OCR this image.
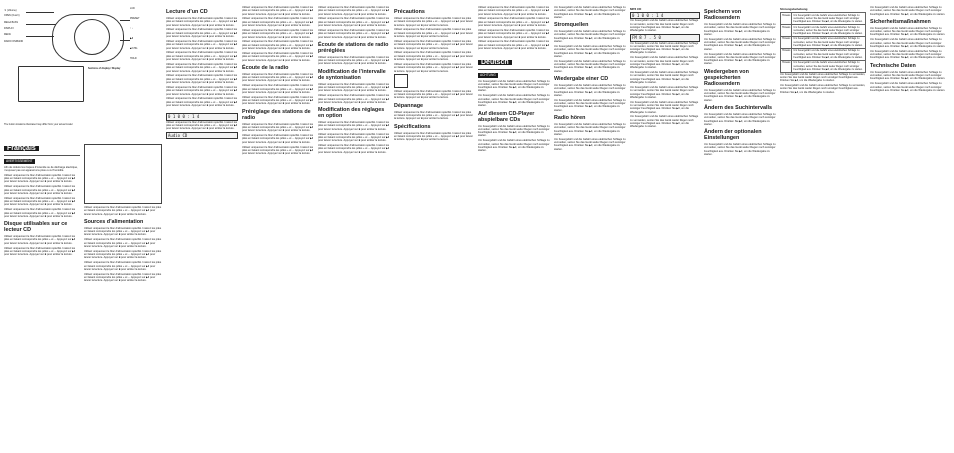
▼ (Volume)
OPEN (Ouvrir)
MEGA BASS
DISPLAY
MENU
RADIO ON/BAND
LCD
PRESET
↑ ↓
▶Ⅱ
■/CHG
HOLD
Sections of display / Display
The button locations illustrated may differ from your actual model
Français
AVERTISSEMENT

Afin de réduire les risques d’incendie ou de décharge électrique, n’exposez pas cet appareil à la pluie ou à l’humidité.

Utilisez uniquement le bloc d’alimentation spécifié. Insérez les piles en faisant correspondre les pôles + et −. Appuyez sur ▶Ⅱ pour lancer la lecture. Appuyez sur ■ pour arrêter la lecture.

Utilisez uniquement le bloc d’alimentation spécifié. Insérez les piles en faisant correspondre les pôles + et −. Appuyez sur ▶Ⅱ pour lancer la lecture. Appuyez sur ■ pour arrêter la lecture.

Utilisez uniquement le bloc d’alimentation spécifié. Insérez les piles en faisant correspondre les pôles + et −. Appuyez sur ▶Ⅱ pour lancer la lecture. Appuyez sur ■ pour arrêter la lecture.

Utilisez uniquement le bloc d’alimentation spécifié. Insérez les piles en faisant correspondre les pôles + et −. Appuyez sur ▶Ⅱ pour lancer la lecture. Appuyez sur ■ pour arrêter la lecture.

Disque utilisables sur ce lecteur CD

Utilisez uniquement le bloc d’alimentation spécifié. Insérez les piles en faisant correspondre les pôles + et −. Appuyez sur ▶Ⅱ pour lancer la lecture. Appuyez sur ■ pour arrêter la lecture.

Utilisez uniquement le bloc d’alimentation spécifié. Insérez les piles en faisant correspondre les pôles + et −. Appuyez sur ▶Ⅱ pour lancer la lecture. Appuyez sur ■ pour arrêter la lecture.

Utilisez uniquement le bloc d’alimentation spécifié. Insérez les piles en faisant correspondre les pôles + et −. Appuyez sur ▶Ⅱ pour lancer la lecture. Appuyez sur ■ pour arrêter la lecture.

Sources d’alimentation

Utilisez uniquement le bloc d’alimentation spécifié. Insérez les piles en faisant correspondre les pôles + et −. Appuyez sur ▶Ⅱ pour lancer la lecture. Appuyez sur ■ pour arrêter la lecture.

Utilisez uniquement le bloc d’alimentation spécifié. Insérez les piles en faisant correspondre les pôles + et −. Appuyez sur ▶Ⅱ pour lancer la lecture. Appuyez sur ■ pour arrêter la lecture.

Utilisez uniquement le bloc d’alimentation spécifié. Insérez les piles en faisant correspondre les pôles + et −. Appuyez sur ▶Ⅱ pour lancer la lecture. Appuyez sur ■ pour arrêter la lecture.

Utilisez uniquement le bloc d’alimentation spécifié. Insérez les piles en faisant correspondre les pôles + et −. Appuyez sur ▶Ⅱ pour lancer la lecture. Appuyez sur ■ pour arrêter la lecture.

Utilisez uniquement le bloc d’alimentation spécifié. Insérez les piles en faisant correspondre les pôles + et −. Appuyez sur ▶Ⅱ pour lancer la lecture. Appuyez sur ■ pour arrêter la lecture.

Lecture d’un CD

Utilisez uniquement le bloc d’alimentation spécifié. Insérez les piles en faisant correspondre les pôles + et −. Appuyez sur ▶Ⅱ pour lancer la lecture. Appuyez sur ■ pour arrêter la lecture.

Utilisez uniquement le bloc d’alimentation spécifié. Insérez les piles en faisant correspondre les pôles + et −. Appuyez sur ▶Ⅱ pour lancer la lecture. Appuyez sur ■ pour arrêter la lecture.

Utilisez uniquement le bloc d’alimentation spécifié. Insérez les piles en faisant correspondre les pôles + et −. Appuyez sur ▶Ⅱ pour lancer la lecture. Appuyez sur ■ pour arrêter la lecture.

Utilisez uniquement le bloc d’alimentation spécifié. Insérez les piles en faisant correspondre les pôles + et −. Appuyez sur ▶Ⅱ pour lancer la lecture. Appuyez sur ■ pour arrêter la lecture.

Utilisez uniquement le bloc d’alimentation spécifié. Insérez les piles en faisant correspondre les pôles + et −. Appuyez sur ▶Ⅱ pour lancer la lecture. Appuyez sur ■ pour arrêter la lecture.

Utilisez uniquement le bloc d’alimentation spécifié. Insérez les piles en faisant correspondre les pôles + et −. Appuyez sur ▶Ⅱ pour lancer la lecture. Appuyez sur ■ pour arrêter la lecture.

Utilisez uniquement le bloc d’alimentation spécifié. Insérez les piles en faisant correspondre les pôles + et −. Appuyez sur ▶Ⅱ pour lancer la lecture. Appuyez sur ■ pour arrêter la lecture.

Utilisez uniquement le bloc d’alimentation spécifié. Insérez les piles en faisant correspondre les pôles + et −. Appuyez sur ▶Ⅱ pour lancer la lecture. Appuyez sur ■ pour arrêter la lecture.

0 1 0 0 : 1 4

Utilisez uniquement le bloc d’alimentation spécifié. Insérez les piles en faisant correspondre les pôles + et −. Appuyez sur ▶Ⅱ pour lancer la lecture. Appuyez sur ■ pour arrêter la lecture.

Audio CD

Utilisez uniquement le bloc d’alimentation spécifié. Insérez les piles en faisant correspondre les pôles + et −. Appuyez sur ▶Ⅱ pour lancer la lecture. Appuyez sur ■ pour arrêter la lecture.

Utilisez uniquement le bloc d’alimentation spécifié. Insérez les piles en faisant correspondre les pôles + et −. Appuyez sur ▶Ⅱ pour lancer la lecture. Appuyez sur ■ pour arrêter la lecture.

Utilisez uniquement le bloc d’alimentation spécifié. Insérez les piles en faisant correspondre les pôles + et −. Appuyez sur ▶Ⅱ pour lancer la lecture. Appuyez sur ■ pour arrêter la lecture.

Utilisez uniquement le bloc d’alimentation spécifié. Insérez les piles en faisant correspondre les pôles + et −. Appuyez sur ▶Ⅱ pour lancer la lecture. Appuyez sur ■ pour arrêter la lecture.

Utilisez uniquement le bloc d’alimentation spécifié. Insérez les piles en faisant correspondre les pôles + et −. Appuyez sur ▶Ⅱ pour lancer la lecture. Appuyez sur ■ pour arrêter la lecture.

Écoute de la radio

Utilisez uniquement le bloc d’alimentation spécifié. Insérez les piles en faisant correspondre les pôles + et −. Appuyez sur ▶Ⅱ pour lancer la lecture. Appuyez sur ■ pour arrêter la lecture.

Utilisez uniquement le bloc d’alimentation spécifié. Insérez les piles en faisant correspondre les pôles + et −. Appuyez sur ▶Ⅱ pour lancer la lecture. Appuyez sur ■ pour arrêter la lecture.

Utilisez uniquement le bloc d’alimentation spécifié. Insérez les piles en faisant correspondre les pôles + et −. Appuyez sur ▶Ⅱ pour lancer la lecture. Appuyez sur ■ pour arrêter la lecture.

Préréglage des stations de radio

Utilisez uniquement le bloc d’alimentation spécifié. Insérez les piles en faisant correspondre les pôles + et −. Appuyez sur ▶Ⅱ pour lancer la lecture. Appuyez sur ■ pour arrêter la lecture.

Utilisez uniquement le bloc d’alimentation spécifié. Insérez les piles en faisant correspondre les pôles + et −. Appuyez sur ▶Ⅱ pour lancer la lecture. Appuyez sur ■ pour arrêter la lecture.

Utilisez uniquement le bloc d’alimentation spécifié. Insérez les piles en faisant correspondre les pôles + et −. Appuyez sur ▶Ⅱ pour lancer la lecture. Appuyez sur ■ pour arrêter la lecture.

Utilisez uniquement le bloc d’alimentation spécifié. Insérez les piles en faisant correspondre les pôles + et −. Appuyez sur ▶Ⅱ pour lancer la lecture. Appuyez sur ■ pour arrêter la lecture.

Utilisez uniquement le bloc d’alimentation spécifié. Insérez les piles en faisant correspondre les pôles + et −. Appuyez sur ▶Ⅱ pour lancer la lecture. Appuyez sur ■ pour arrêter la lecture.

Utilisez uniquement le bloc d’alimentation spécifié. Insérez les piles en faisant correspondre les pôles + et −. Appuyez sur ▶Ⅱ pour lancer la lecture. Appuyez sur ■ pour arrêter la lecture.

Écoute de stations de radio préréglées

Utilisez uniquement le bloc d’alimentation spécifié. Insérez les piles en faisant correspondre les pôles + et −. Appuyez sur ▶Ⅱ pour lancer la lecture. Appuyez sur ■ pour arrêter la lecture.

Modification de l’intervalle de syntonisation

Utilisez uniquement le bloc d’alimentation spécifié. Insérez les piles en faisant correspondre les pôles + et −. Appuyez sur ▶Ⅱ pour lancer la lecture. Appuyez sur ■ pour arrêter la lecture.

Utilisez uniquement le bloc d’alimentation spécifié. Insérez les piles en faisant correspondre les pôles + et −. Appuyez sur ▶Ⅱ pour lancer la lecture. Appuyez sur ■ pour arrêter la lecture.

Modification des réglages en option

Utilisez uniquement le bloc d’alimentation spécifié. Insérez les piles en faisant correspondre les pôles + et −. Appuyez sur ▶Ⅱ pour lancer la lecture. Appuyez sur ■ pour arrêter la lecture.

Utilisez uniquement le bloc d’alimentation spécifié. Insérez les piles en faisant correspondre les pôles + et −. Appuyez sur ▶Ⅱ pour lancer la lecture. Appuyez sur ■ pour arrêter la lecture.

Utilisez uniquement le bloc d’alimentation spécifié. Insérez les piles en faisant correspondre les pôles + et −. Appuyez sur ▶Ⅱ pour lancer la lecture. Appuyez sur ■ pour arrêter la lecture.

Précautions

Utilisez uniquement le bloc d’alimentation spécifié. Insérez les piles en faisant correspondre les pôles + et −. Appuyez sur ▶Ⅱ pour lancer la lecture. Appuyez sur ■ pour arrêter la lecture.

Utilisez uniquement le bloc d’alimentation spécifié. Insérez les piles en faisant correspondre les pôles + et −. Appuyez sur ▶Ⅱ pour lancer la lecture. Appuyez sur ■ pour arrêter la lecture.

Utilisez uniquement le bloc d’alimentation spécifié. Insérez les piles en faisant correspondre les pôles + et −. Appuyez sur ▶Ⅱ pour lancer la lecture. Appuyez sur ■ pour arrêter la lecture.

Utilisez uniquement le bloc d’alimentation spécifié. Insérez les piles en faisant correspondre les pôles + et −. Appuyez sur ▶Ⅱ pour lancer la lecture. Appuyez sur ■ pour arrêter la lecture.

Utilisez uniquement le bloc d’alimentation spécifié. Insérez les piles en faisant correspondre les pôles + et −. Appuyez sur ▶Ⅱ pour lancer la lecture. Appuyez sur ■ pour arrêter la lecture.

Utilisez uniquement le bloc d’alimentation spécifié. Insérez les piles en faisant correspondre les pôles + et −. Appuyez sur ▶Ⅱ pour lancer la lecture. Appuyez sur ■ pour arrêter la lecture.

Dépannage

Utilisez uniquement le bloc d’alimentation spécifié. Insérez les piles en faisant correspondre les pôles + et −. Appuyez sur ▶Ⅱ pour lancer la lecture. Appuyez sur ■ pour arrêter la lecture.

Spécifications

Utilisez uniquement le bloc d’alimentation spécifié. Insérez les piles en faisant correspondre les pôles + et −. Appuyez sur ▶Ⅱ pour lancer la lecture. Appuyez sur ■ pour arrêter la lecture.

Utilisez uniquement le bloc d’alimentation spécifié. Insérez les piles en faisant correspondre les pôles + et −. Appuyez sur ▶Ⅱ pour lancer la lecture. Appuyez sur ■ pour arrêter la lecture.

Utilisez uniquement le bloc d’alimentation spécifié. Insérez les piles en faisant correspondre les pôles + et −. Appuyez sur ▶Ⅱ pour lancer la lecture. Appuyez sur ■ pour arrêter la lecture.

Utilisez uniquement le bloc d’alimentation spécifié. Insérez les piles en faisant correspondre les pôles + et −. Appuyez sur ▶Ⅱ pour lancer la lecture. Appuyez sur ■ pour arrêter la lecture.

Utilisez uniquement le bloc d’alimentation spécifié. Insérez les piles en faisant correspondre les pôles + et −. Appuyez sur ▶Ⅱ pour lancer la lecture. Appuyez sur ■ pour arrêter la lecture.

Deutsch
ACHTUNG

Um Feuergefahr und die Gefahr eines elektrischen Schlags zu vermeiden, setzen Sie das Gerät weder Regen noch sonstiger Feuchtigkeit aus. Drücken Sie ▶Ⅱ, um die Wiedergabe zu starten.

Um Feuergefahr und die Gefahr eines elektrischen Schlags zu vermeiden, setzen Sie das Gerät weder Regen noch sonstiger Feuchtigkeit aus. Drücken Sie ▶Ⅱ, um die Wiedergabe zu starten.

Auf diesem CD-Player abspielbare CDs

Um Feuergefahr und die Gefahr eines elektrischen Schlags zu vermeiden, setzen Sie das Gerät weder Regen noch sonstiger Feuchtigkeit aus. Drücken Sie ▶Ⅱ, um die Wiedergabe zu starten.

Um Feuergefahr und die Gefahr eines elektrischen Schlags zu vermeiden, setzen Sie das Gerät weder Regen noch sonstiger Feuchtigkeit aus. Drücken Sie ▶Ⅱ, um die Wiedergabe zu starten.

Um Feuergefahr und die Gefahr eines elektrischen Schlags zu vermeiden, setzen Sie das Gerät weder Regen noch sonstiger Feuchtigkeit aus. Drücken Sie ▶Ⅱ, um die Wiedergabe zu starten.

Stromquellen

Um Feuergefahr und die Gefahr eines elektrischen Schlags zu vermeiden, setzen Sie das Gerät weder Regen noch sonstiger Feuchtigkeit aus. Drücken Sie ▶Ⅱ, um die Wiedergabe zu starten.

Um Feuergefahr und die Gefahr eines elektrischen Schlags zu vermeiden, setzen Sie das Gerät weder Regen noch sonstiger Feuchtigkeit aus. Drücken Sie ▶Ⅱ, um die Wiedergabe zu starten.

Um Feuergefahr und die Gefahr eines elektrischen Schlags zu vermeiden, setzen Sie das Gerät weder Regen noch sonstiger Feuchtigkeit aus. Drücken Sie ▶Ⅱ, um die Wiedergabe zu starten.

Wiedergabe einer CD

Um Feuergefahr und die Gefahr eines elektrischen Schlags zu vermeiden, setzen Sie das Gerät weder Regen noch sonstiger Feuchtigkeit aus. Drücken Sie ▶Ⅱ, um die Wiedergabe zu starten.

Um Feuergefahr und die Gefahr eines elektrischen Schlags zu vermeiden, setzen Sie das Gerät weder Regen noch sonstiger Feuchtigkeit aus. Drücken Sie ▶Ⅱ, um die Wiedergabe zu starten.

Radio hören

Um Feuergefahr und die Gefahr eines elektrischen Schlags zu vermeiden, setzen Sie das Gerät weder Regen noch sonstiger Feuchtigkeit aus. Drücken Sie ▶Ⅱ, um die Wiedergabe zu starten.

Um Feuergefahr und die Gefahr eines elektrischen Schlags zu vermeiden, setzen Sie das Gerät weder Regen noch sonstiger Feuchtigkeit aus. Drücken Sie ▶Ⅱ, um die Wiedergabe zu starten.

MP3 CD
0 1 0 0 : 1 4

Um Feuergefahr und die Gefahr eines elektrischen Schlags zu vermeiden, setzen Sie das Gerät weder Regen noch sonstiger Feuchtigkeit aus. Drücken Sie ▶Ⅱ, um die Wiedergabe zu starten.

FM 8 7 . 5 0

Um Feuergefahr und die Gefahr eines elektrischen Schlags zu vermeiden, setzen Sie das Gerät weder Regen noch sonstiger Feuchtigkeit aus. Drücken Sie ▶Ⅱ, um die Wiedergabe zu starten.

Um Feuergefahr und die Gefahr eines elektrischen Schlags zu vermeiden, setzen Sie das Gerät weder Regen noch sonstiger Feuchtigkeit aus. Drücken Sie ▶Ⅱ, um die Wiedergabe zu starten.

Um Feuergefahr und die Gefahr eines elektrischen Schlags zu vermeiden, setzen Sie das Gerät weder Regen noch sonstiger Feuchtigkeit aus. Drücken Sie ▶Ⅱ, um die Wiedergabe zu starten.

Um Feuergefahr und die Gefahr eines elektrischen Schlags zu vermeiden, setzen Sie das Gerät weder Regen noch sonstiger Feuchtigkeit aus. Drücken Sie ▶Ⅱ, um die Wiedergabe zu starten.

Um Feuergefahr und die Gefahr eines elektrischen Schlags zu vermeiden, setzen Sie das Gerät weder Regen noch sonstiger Feuchtigkeit aus. Drücken Sie ▶Ⅱ, um die Wiedergabe zu starten.

Um Feuergefahr und die Gefahr eines elektrischen Schlags zu vermeiden, setzen Sie das Gerät weder Regen noch sonstiger Feuchtigkeit aus. Drücken Sie ▶Ⅱ, um die Wiedergabe zu starten.

Speichern von Radiosendern

Um Feuergefahr und die Gefahr eines elektrischen Schlags zu vermeiden, setzen Sie das Gerät weder Regen noch sonstiger Feuchtigkeit aus. Drücken Sie ▶Ⅱ, um die Wiedergabe zu starten.

Um Feuergefahr und die Gefahr eines elektrischen Schlags zu vermeiden, setzen Sie das Gerät weder Regen noch sonstiger Feuchtigkeit aus. Drücken Sie ▶Ⅱ, um die Wiedergabe zu starten.

Um Feuergefahr und die Gefahr eines elektrischen Schlags zu vermeiden, setzen Sie das Gerät weder Regen noch sonstiger Feuchtigkeit aus. Drücken Sie ▶Ⅱ, um die Wiedergabe zu starten.

Wiedergeben von gespeicherten Radiosendern

Um Feuergefahr und die Gefahr eines elektrischen Schlags zu vermeiden, setzen Sie das Gerät weder Regen noch sonstiger Feuchtigkeit aus. Drücken Sie ▶Ⅱ, um die Wiedergabe zu starten.

Ändern des Suchintervalls

Um Feuergefahr und die Gefahr eines elektrischen Schlags zu vermeiden, setzen Sie das Gerät weder Regen noch sonstiger Feuchtigkeit aus. Drücken Sie ▶Ⅱ, um die Wiedergabe zu starten.

Ändern der optionalen Einstellungen

Um Feuergefahr und die Gefahr eines elektrischen Schlags zu vermeiden, setzen Sie das Gerät weder Regen noch sonstiger Feuchtigkeit aus. Drücken Sie ▶Ⅱ, um die Wiedergabe zu starten.

Störungsbehebung
Hinweis	Um Feuergefahr und die Gefahr eines elektrischen Schlags zu vermeiden, setzen Sie das Gerät weder Regen noch sonstiger Feuchtigkeit aus. Drücken Sie ▶Ⅱ, um die Wiedergabe zu starten.
Hinweis	Um Feuergefahr und die Gefahr eines elektrischen Schlags zu vermeiden, setzen Sie das Gerät weder Regen noch sonstiger Feuchtigkeit aus. Drücken Sie ▶Ⅱ, um die Wiedergabe zu starten.
Hinweis	Um Feuergefahr und die Gefahr eines elektrischen Schlags zu vermeiden, setzen Sie das Gerät weder Regen noch sonstiger Feuchtigkeit aus. Drücken Sie ▶Ⅱ, um die Wiedergabe zu starten.
Hinweis	Um Feuergefahr und die Gefahr eines elektrischen Schlags zu vermeiden, setzen Sie das Gerät weder Regen noch sonstiger Feuchtigkeit aus. Drücken Sie ▶Ⅱ, um die Wiedergabe zu starten.
Hinweis	Um Feuergefahr und die Gefahr eines elektrischen Schlags zu vermeiden, setzen Sie das Gerät weder Regen noch sonstiger Feuchtigkeit aus. Drücken Sie ▶Ⅱ, um die Wiedergabe zu starten.

Um Feuergefahr und die Gefahr eines elektrischen Schlags zu vermeiden, setzen Sie das Gerät weder Regen noch sonstiger Feuchtigkeit aus. Drücken Sie ▶Ⅱ, um die Wiedergabe zu starten.

Um Feuergefahr und die Gefahr eines elektrischen Schlags zu vermeiden, setzen Sie das Gerät weder Regen noch sonstiger Feuchtigkeit aus. Drücken Sie ▶Ⅱ, um die Wiedergabe zu starten.

Um Feuergefahr und die Gefahr eines elektrischen Schlags zu vermeiden, setzen Sie das Gerät weder Regen noch sonstiger Feuchtigkeit aus. Drücken Sie ▶Ⅱ, um die Wiedergabe zu starten.

Sicherheitsmaßnahmen

Um Feuergefahr und die Gefahr eines elektrischen Schlags zu vermeiden, setzen Sie das Gerät weder Regen noch sonstiger Feuchtigkeit aus. Drücken Sie ▶Ⅱ, um die Wiedergabe zu starten.

Um Feuergefahr und die Gefahr eines elektrischen Schlags zu vermeiden, setzen Sie das Gerät weder Regen noch sonstiger Feuchtigkeit aus. Drücken Sie ▶Ⅱ, um die Wiedergabe zu starten.

Um Feuergefahr und die Gefahr eines elektrischen Schlags zu vermeiden, setzen Sie das Gerät weder Regen noch sonstiger Feuchtigkeit aus. Drücken Sie ▶Ⅱ, um die Wiedergabe zu starten.

Technische Daten

Um Feuergefahr und die Gefahr eines elektrischen Schlags zu vermeiden, setzen Sie das Gerät weder Regen noch sonstiger Feuchtigkeit aus. Drücken Sie ▶Ⅱ, um die Wiedergabe zu starten.

Um Feuergefahr und die Gefahr eines elektrischen Schlags zu vermeiden, setzen Sie das Gerät weder Regen noch sonstiger Feuchtigkeit aus. Drücken Sie ▶Ⅱ, um die Wiedergabe zu starten.
